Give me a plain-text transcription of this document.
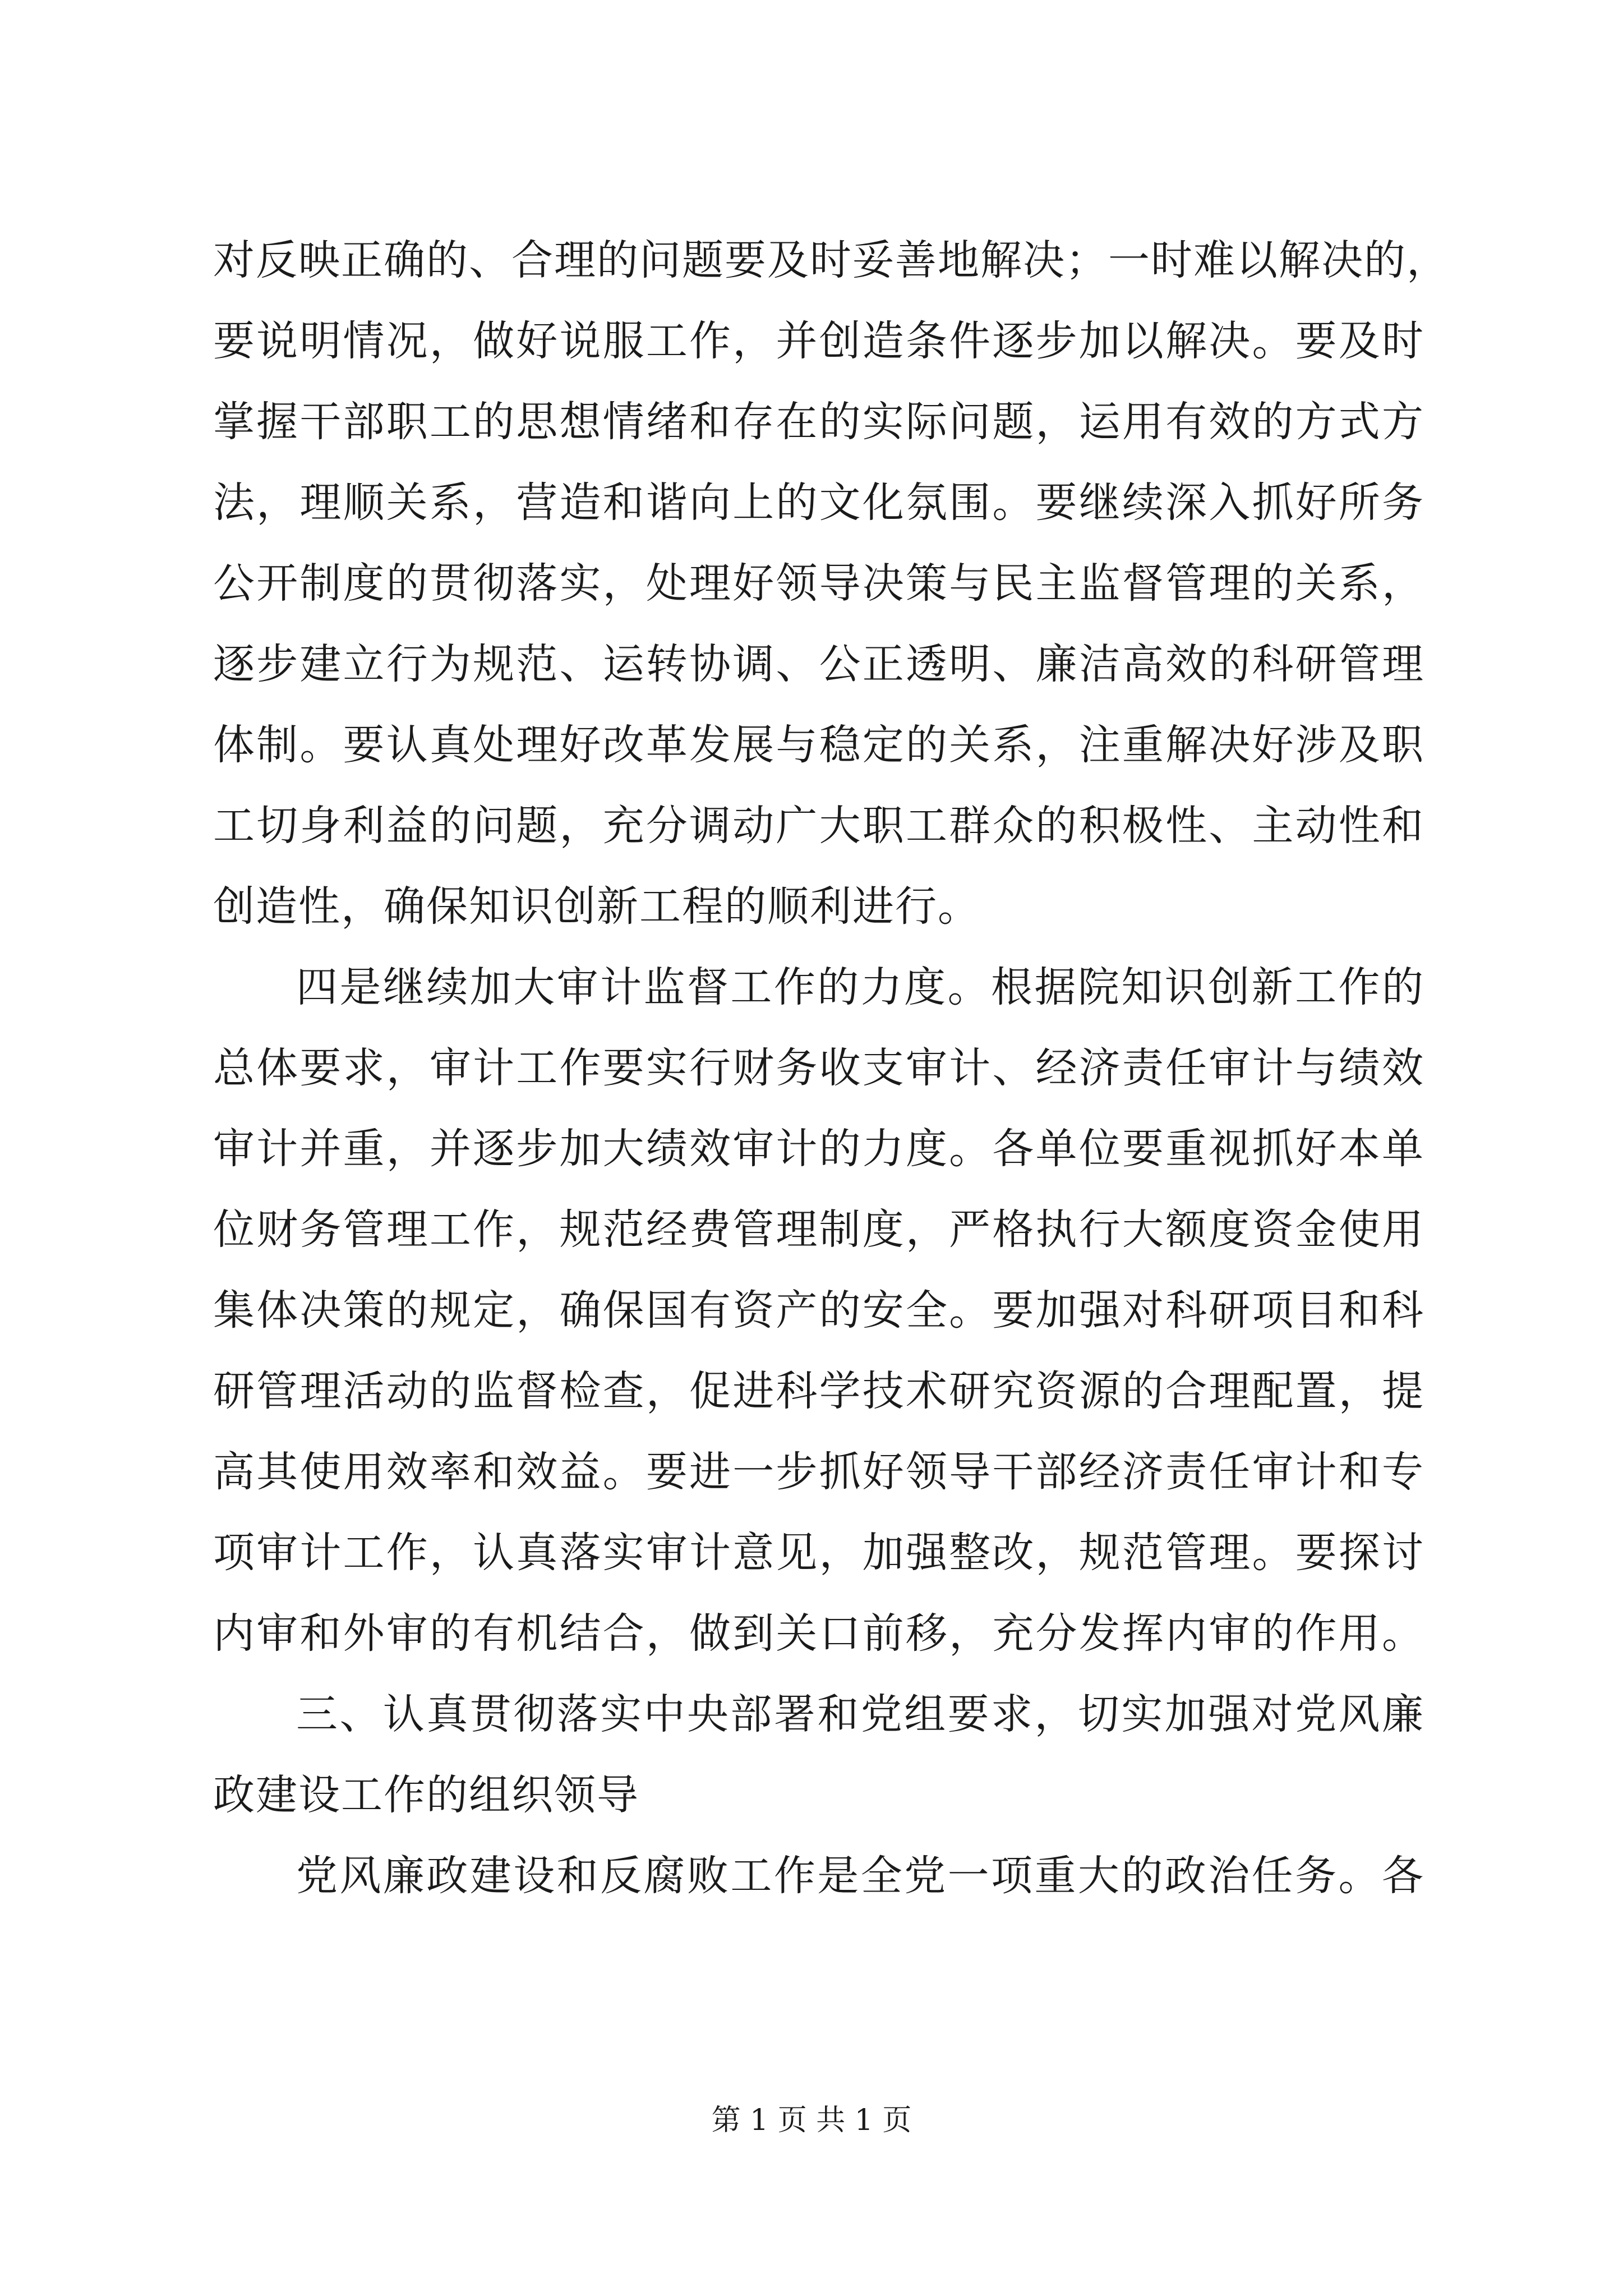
对反映正确的、合理的问题要及时妥善地解决；一时难以解决的，
要说明情况，做好说服工作，并创造条件逐步加以解决。要及时
掌握干部职工的思想情绪和存在的实际问题，运用有效的方式方
法，理顺关系，营造和谐向上的文化氛围。要继续深入抓好所务
公开制度的贯彻落实，处理好领导决策与民主监督管理的关系，
逐步建立行为规范、运转协调、公正透明、廉洁高效的科研管理
体制。要认真处理好改革发展与稳定的关系，注重解决好涉及职
工切身利益的问题，充分调动广大职工群众的积极性、主动性和
创造性，确保知识创新工程的顺利进行。
四是继续加大审计监督工作的力度。根据院知识创新工作的
总体要求，审计工作要实行财务收支审计、经济责任审计与绩效
审计并重，并逐步加大绩效审计的力度。各单位要重视抓好本单
位财务管理工作，规范经费管理制度，严格执行大额度资金使用
集体决策的规定，确保国有资产的安全。要加强对科研项目和科
研管理活动的监督检查，促进科学技术研究资源的合理配置，提
高其使用效率和效益。要进一步抓好领导干部经济责任审计和专
项审计工作，认真落实审计意见，加强整改，规范管理。要探讨
内审和外审的有机结合，做到关口前移，充分发挥内审的作用。
三、认真贯彻落实中央部署和党组要求，切实加强对党风廉
政建设工作的组织领导
党风廉政建设和反腐败工作是全党一项重大的政治任务。各
第 1 页 共 1 页
